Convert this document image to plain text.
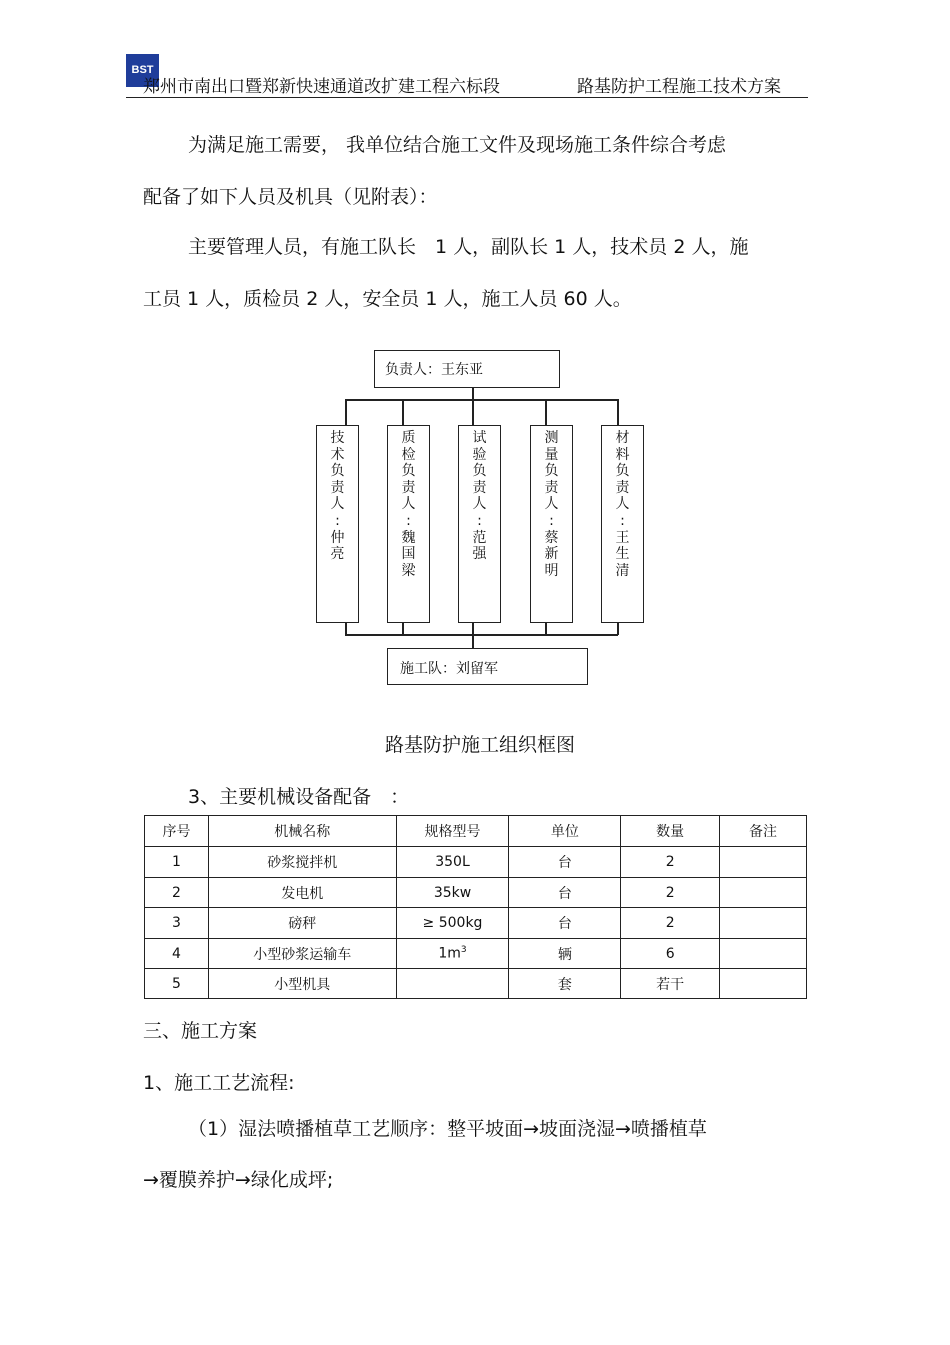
BST
郑州市南出口暨郑新快速通道改扩建工程六标段	路基防护工程施工技术方案
为满足施工需要， 我单位结合施工文件及现场施工条件综合考虑
配备了如下人员及机具（见附表）：
主要管理人员，有施工队长　1 人，副队长 1 人，技术员 2 人，施
工员 1 人，质检员 2 人，安全员 1 人，施工人员 60 人。
负责人：王东亚
技
术
负
责
人
:
仲
亮
质
检
负
责
人
:
魏
国
梁
试
验
负
责
人
:
范
强
测
量
负
责
人
:
蔡
新
明
材
料
负
责
人
:
王
生
清
施工队：刘留军
路基防护施工组织框图
3、主要机械设备配备　：
序号	机械名称	规格型号	单位	数量	备注
1	砂浆搅拌机	350L	台	2	
2	发电机	35kw	台	2	
3	磅秤	≥ 500kg	台	2	
4	小型砂浆运输车	$1m^3$	辆	6	
5	小型机具		套	若干	
三、施工方案
1、施工工艺流程:
（1）湿法喷播植草工艺顺序：整平坡面→坡面浇湿→喷播植草
→覆膜养护→绿化成坪;
